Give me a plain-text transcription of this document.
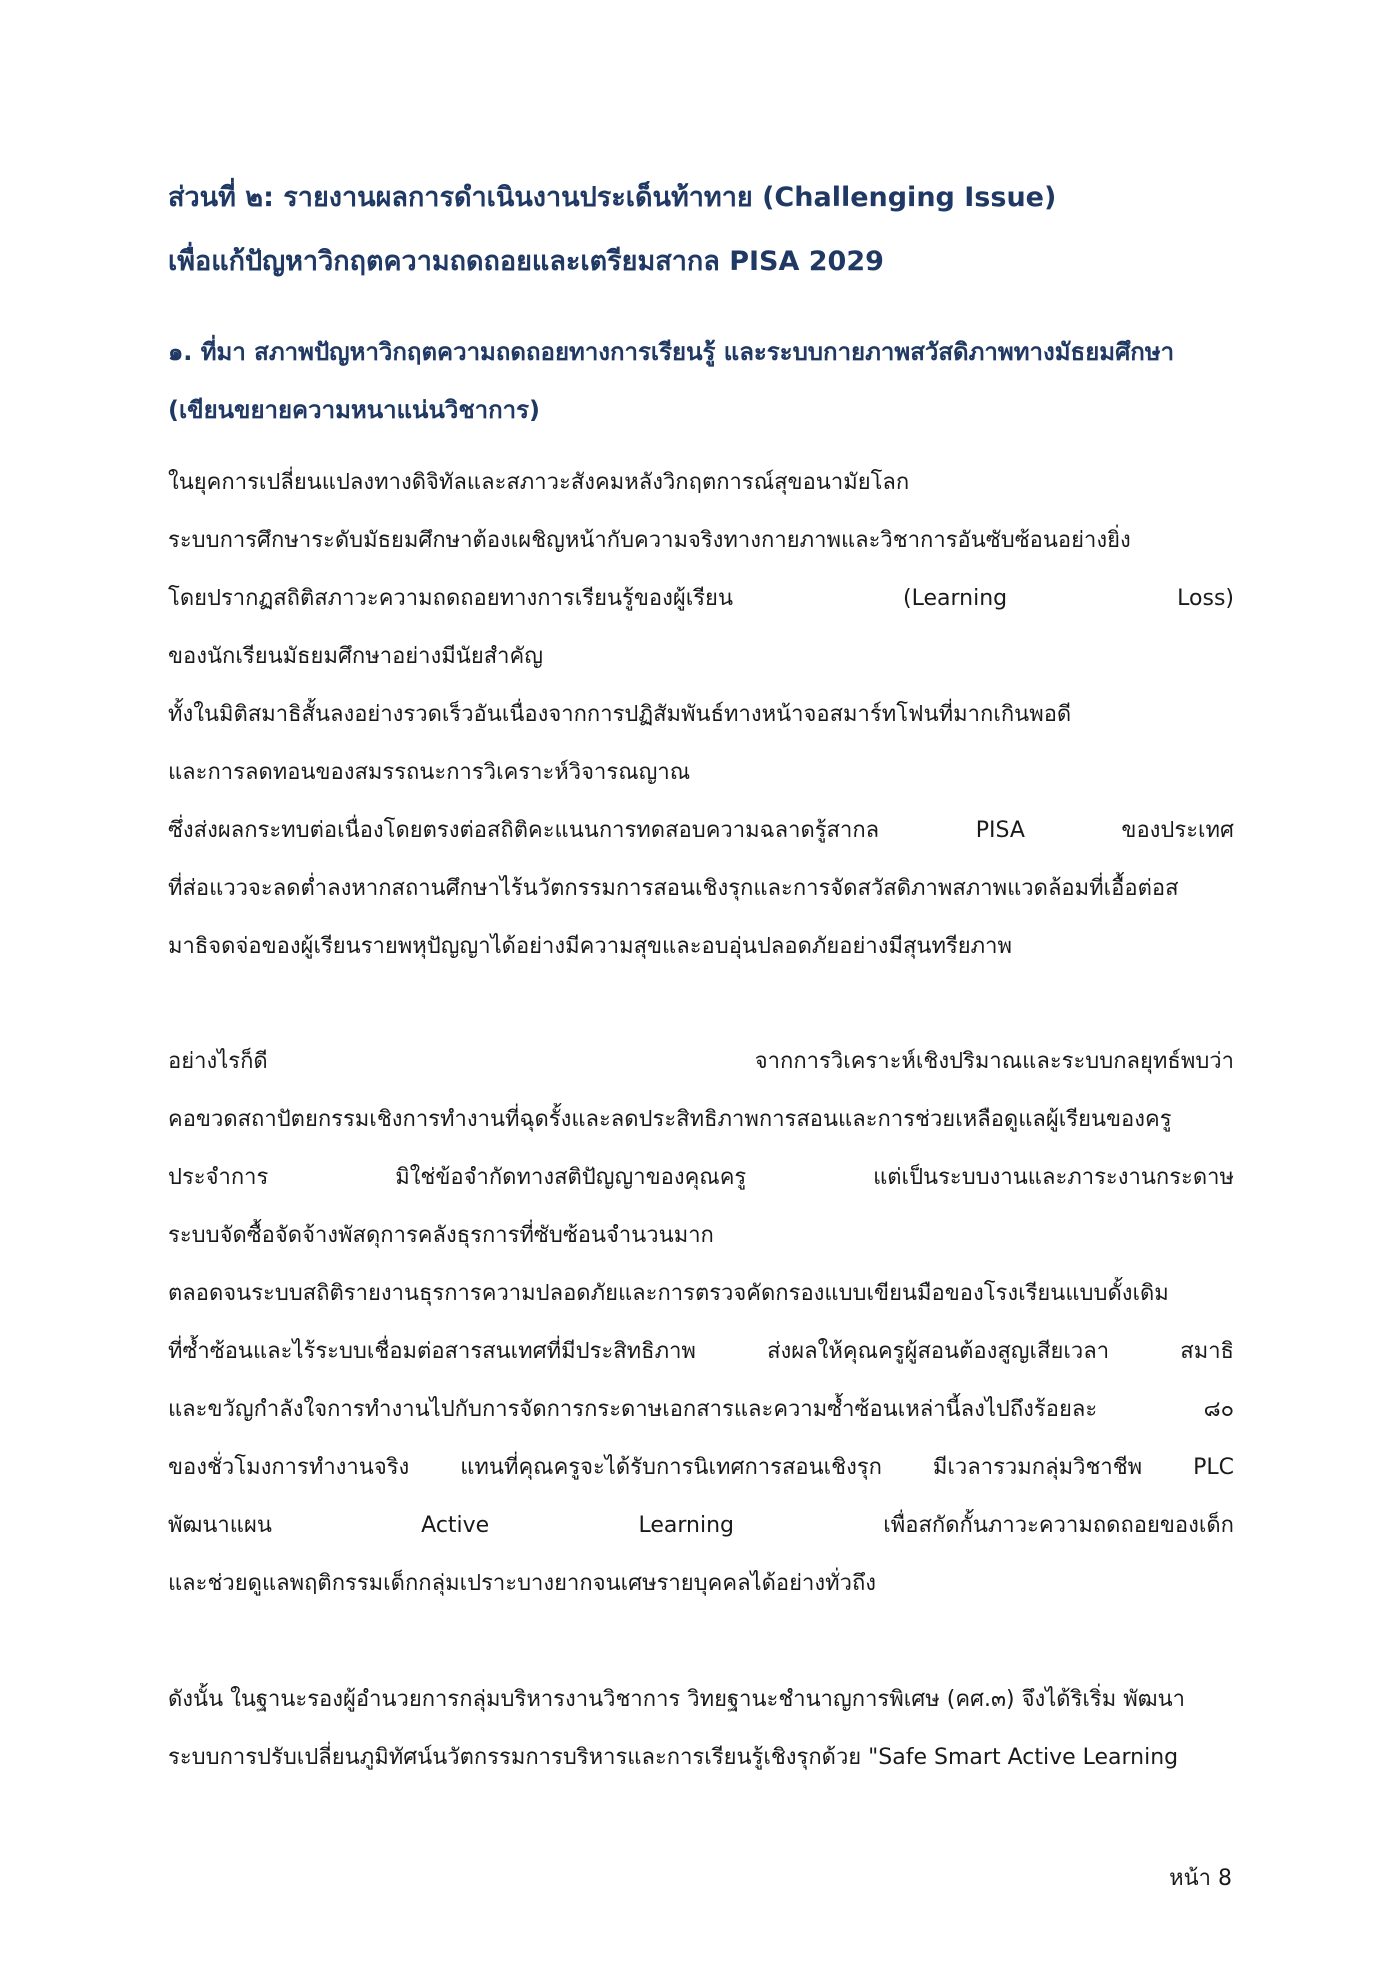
ส่วนที่ ๒: รายงานผลการดำเนินงานประเด็นท้าทาย (Challenging Issue)
เพื่อแก้ปัญหาวิกฤตความถดถอยและเตรียมสากล PISA 2029
๑. ที่มา สภาพปัญหาวิกฤตความถดถอยทางการเรียนรู้ และระบบกายภาพสวัสดิภาพทางมัธยมศึกษา
(เขียนขยายความหนาแน่นวิชาการ)

ในยุคการเปลี่ยนแปลงทางดิจิทัลและสภาวะสังคมหลังวิกฤตการณ์สุขอนามัยโลก

ระบบการศึกษาระดับมัธยมศึกษาต้องเผชิญหน้ากับความจริงทางกายภาพและวิชาการอันซับซ้อนอย่างยิ่ง

โดยปรากฏสถิติสภาวะความถดถอยทางการเรียนรู้ของผู้เรียน	(Learning	Loss)

ของนักเรียนมัธยมศึกษาอย่างมีนัยสำคัญ

ทั้งในมิติสมาธิสั้นลงอย่างรวดเร็วอันเนื่องจากการปฏิสัมพันธ์ทางหน้าจอสมาร์ทโฟนที่มากเกินพอดี

และการลดทอนของสมรรถนะการวิเคราะห์วิจารณญาณ

ซึ่งส่งผลกระทบต่อเนื่องโดยตรงต่อสถิติคะแนนการทดสอบความฉลาดรู้สากล	PISA	ของประเทศ

ที่ส่อแววจะลดต่ำลงหากสถานศึกษาไร้นวัตกรรมการสอนเชิงรุกและการจัดสวัสดิภาพสภาพแวดล้อมที่เอื้อต่อส

มาธิจดจ่อของผู้เรียนรายพหุปัญญาได้อย่างมีความสุขและอบอุ่นปลอดภัยอย่างมีสุนทรียภาพ

อย่างไรก็ดี	จากการวิเคราะห์เชิงปริมาณและระบบกลยุทธ์พบว่า

คอขวดสถาปัตยกรรมเชิงการทำงานที่ฉุดรั้งและลดประสิทธิภาพการสอนและการช่วยเหลือดูแลผู้เรียนของครู

ประจำการ	มิใช่ข้อจำกัดทางสติปัญญาของคุณครู	แต่เป็นระบบงานและภาระงานกระดาษ

ระบบจัดซื้อจัดจ้างพัสดุการคลังธุรการที่ซับซ้อนจำนวนมาก

ตลอดจนระบบสถิติรายงานธุรการความปลอดภัยและการตรวจคัดกรองแบบเขียนมือของโรงเรียนแบบดั้งเดิม

ที่ซ้ำซ้อนและไร้ระบบเชื่อมต่อสารสนเทศที่มีประสิทธิภาพ	ส่งผลให้คุณครูผู้สอนต้องสูญเสียเวลา	สมาธิ

และขวัญกำลังใจการทำงานไปกับการจัดการกระดาษเอกสารและความซ้ำซ้อนเหล่านี้ลงไปถึงร้อยละ	๘๐

ของชั่วโมงการทำงานจริง แทนที่คุณครูจะได้รับการนิเทศการสอนเชิงรุก มีเวลารวมกลุ่มวิชาชีพ PLC

พัฒนาแผน	Active	Learning	เพื่อสกัดกั้นภาวะความถดถอยของเด็ก

และช่วยดูแลพฤติกรรมเด็กกลุ่มเปราะบางยากจนเศษรายบุคคลได้อย่างทั่วถึง

ดังนั้น ในฐานะรองผู้อำนวยการกลุ่มบริหารงานวิชาการ วิทยฐานะชำนาญการพิเศษ (คศ.๓) จึงได้ริเริ่ม พัฒนา

ระบบการปรับเปลี่ยนภูมิทัศน์นวัตกรรมการบริหารและการเรียนรู้เชิงรุกด้วย "Safe Smart Active Learning

หน้า 8
